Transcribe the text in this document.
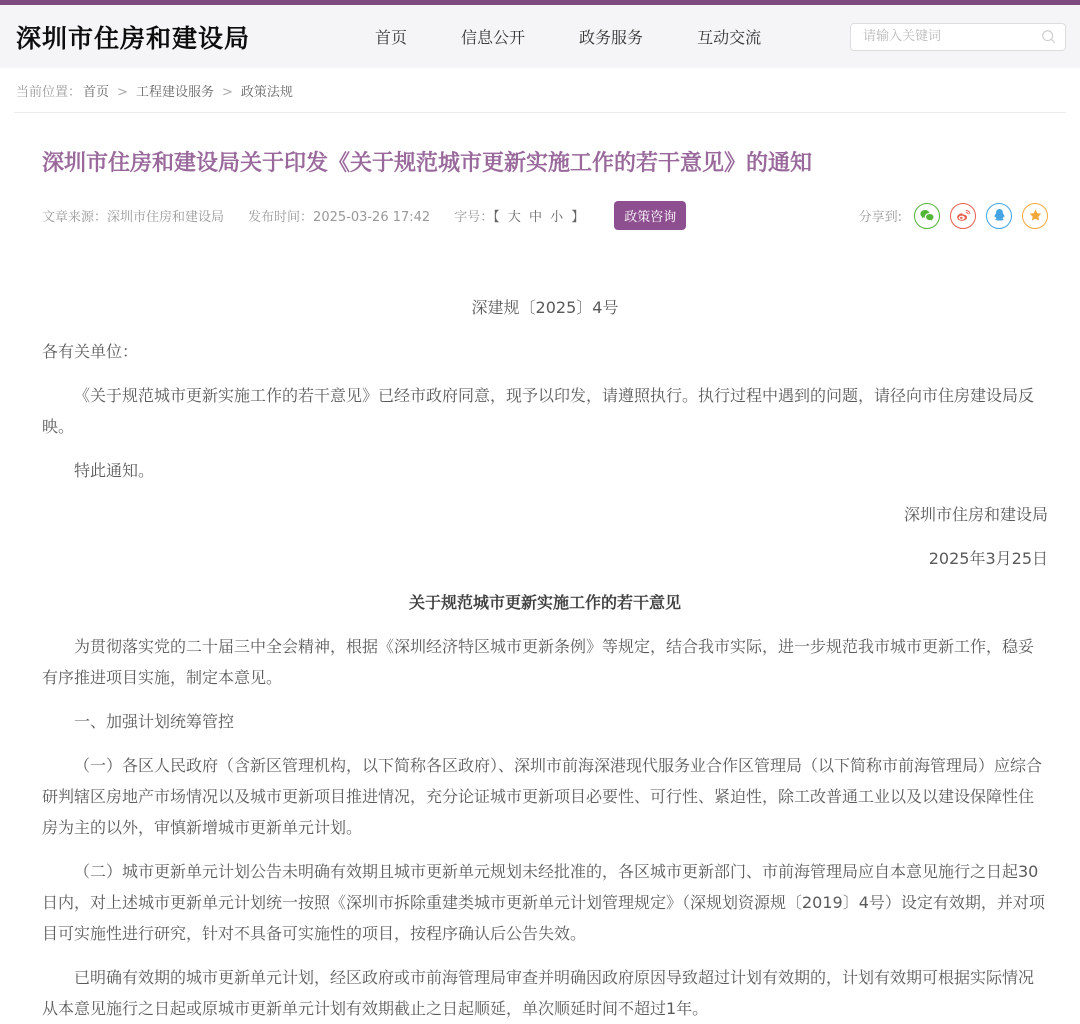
深圳市住房和建设局	首页	信息公开	政务服务	互动交流
请输入关键词
当前位置： 首页 > 工程建设服务 > 政策法规
深圳市住房和建设局关于印发《关于规范城市更新实施工作的若干意见》的通知
文章来源：深圳市住房和建设局 发布时间：2025-03-26 17:42 字号：【 大 中 小 】	政策咨询	分享到:
深建规〔2025〕4号

各有关单位：

《关于规范城市更新实施工作的若干意见》已经市政府同意，现予以印发，请遵照执行。执行过程中遇到的问题，请径向市住房建设局反映。

特此通知。

深圳市住房和建设局

2025年3月25日

关于规范城市更新实施工作的若干意见

为贯彻落实党的二十届三中全会精神，根据《深圳经济特区城市更新条例》等规定，结合我市实际，进一步规范我市城市更新工作，稳妥有序推进项目实施，制定本意见。

一、加强计划统筹管控

（一）各区人民政府（含新区管理机构，以下简称各区政府）、深圳市前海深港现代服务业合作区管理局（以下简称市前海管理局）应综合研判辖区房地产市场情况以及城市更新项目推进情况，充分论证城市更新项目必要性、可行性、紧迫性，除工改普通工业以及以建设保障性住房为主的以外，审慎新增城市更新单元计划。

（二）城市更新单元计划公告未明确有效期且城市更新单元规划未经批准的，各区城市更新部门、市前海管理局应自本意见施行之日起30日内，对上述城市更新单元计划统一按照《深圳市拆除重建类城市更新单元计划管理规定》（深规划资源规〔2019〕4号）设定有效期，并对项目可实施性进行研究，针对不具备可实施性的项目，按程序确认后公告失效。

已明确有效期的城市更新单元计划，经区政府或市前海管理局审查并明确因政府原因导致超过计划有效期的，计划有效期可根据实际情况从本意见施行之日起或原城市更新单元计划有效期截止之日起顺延，单次顺延时间不超过1年。
